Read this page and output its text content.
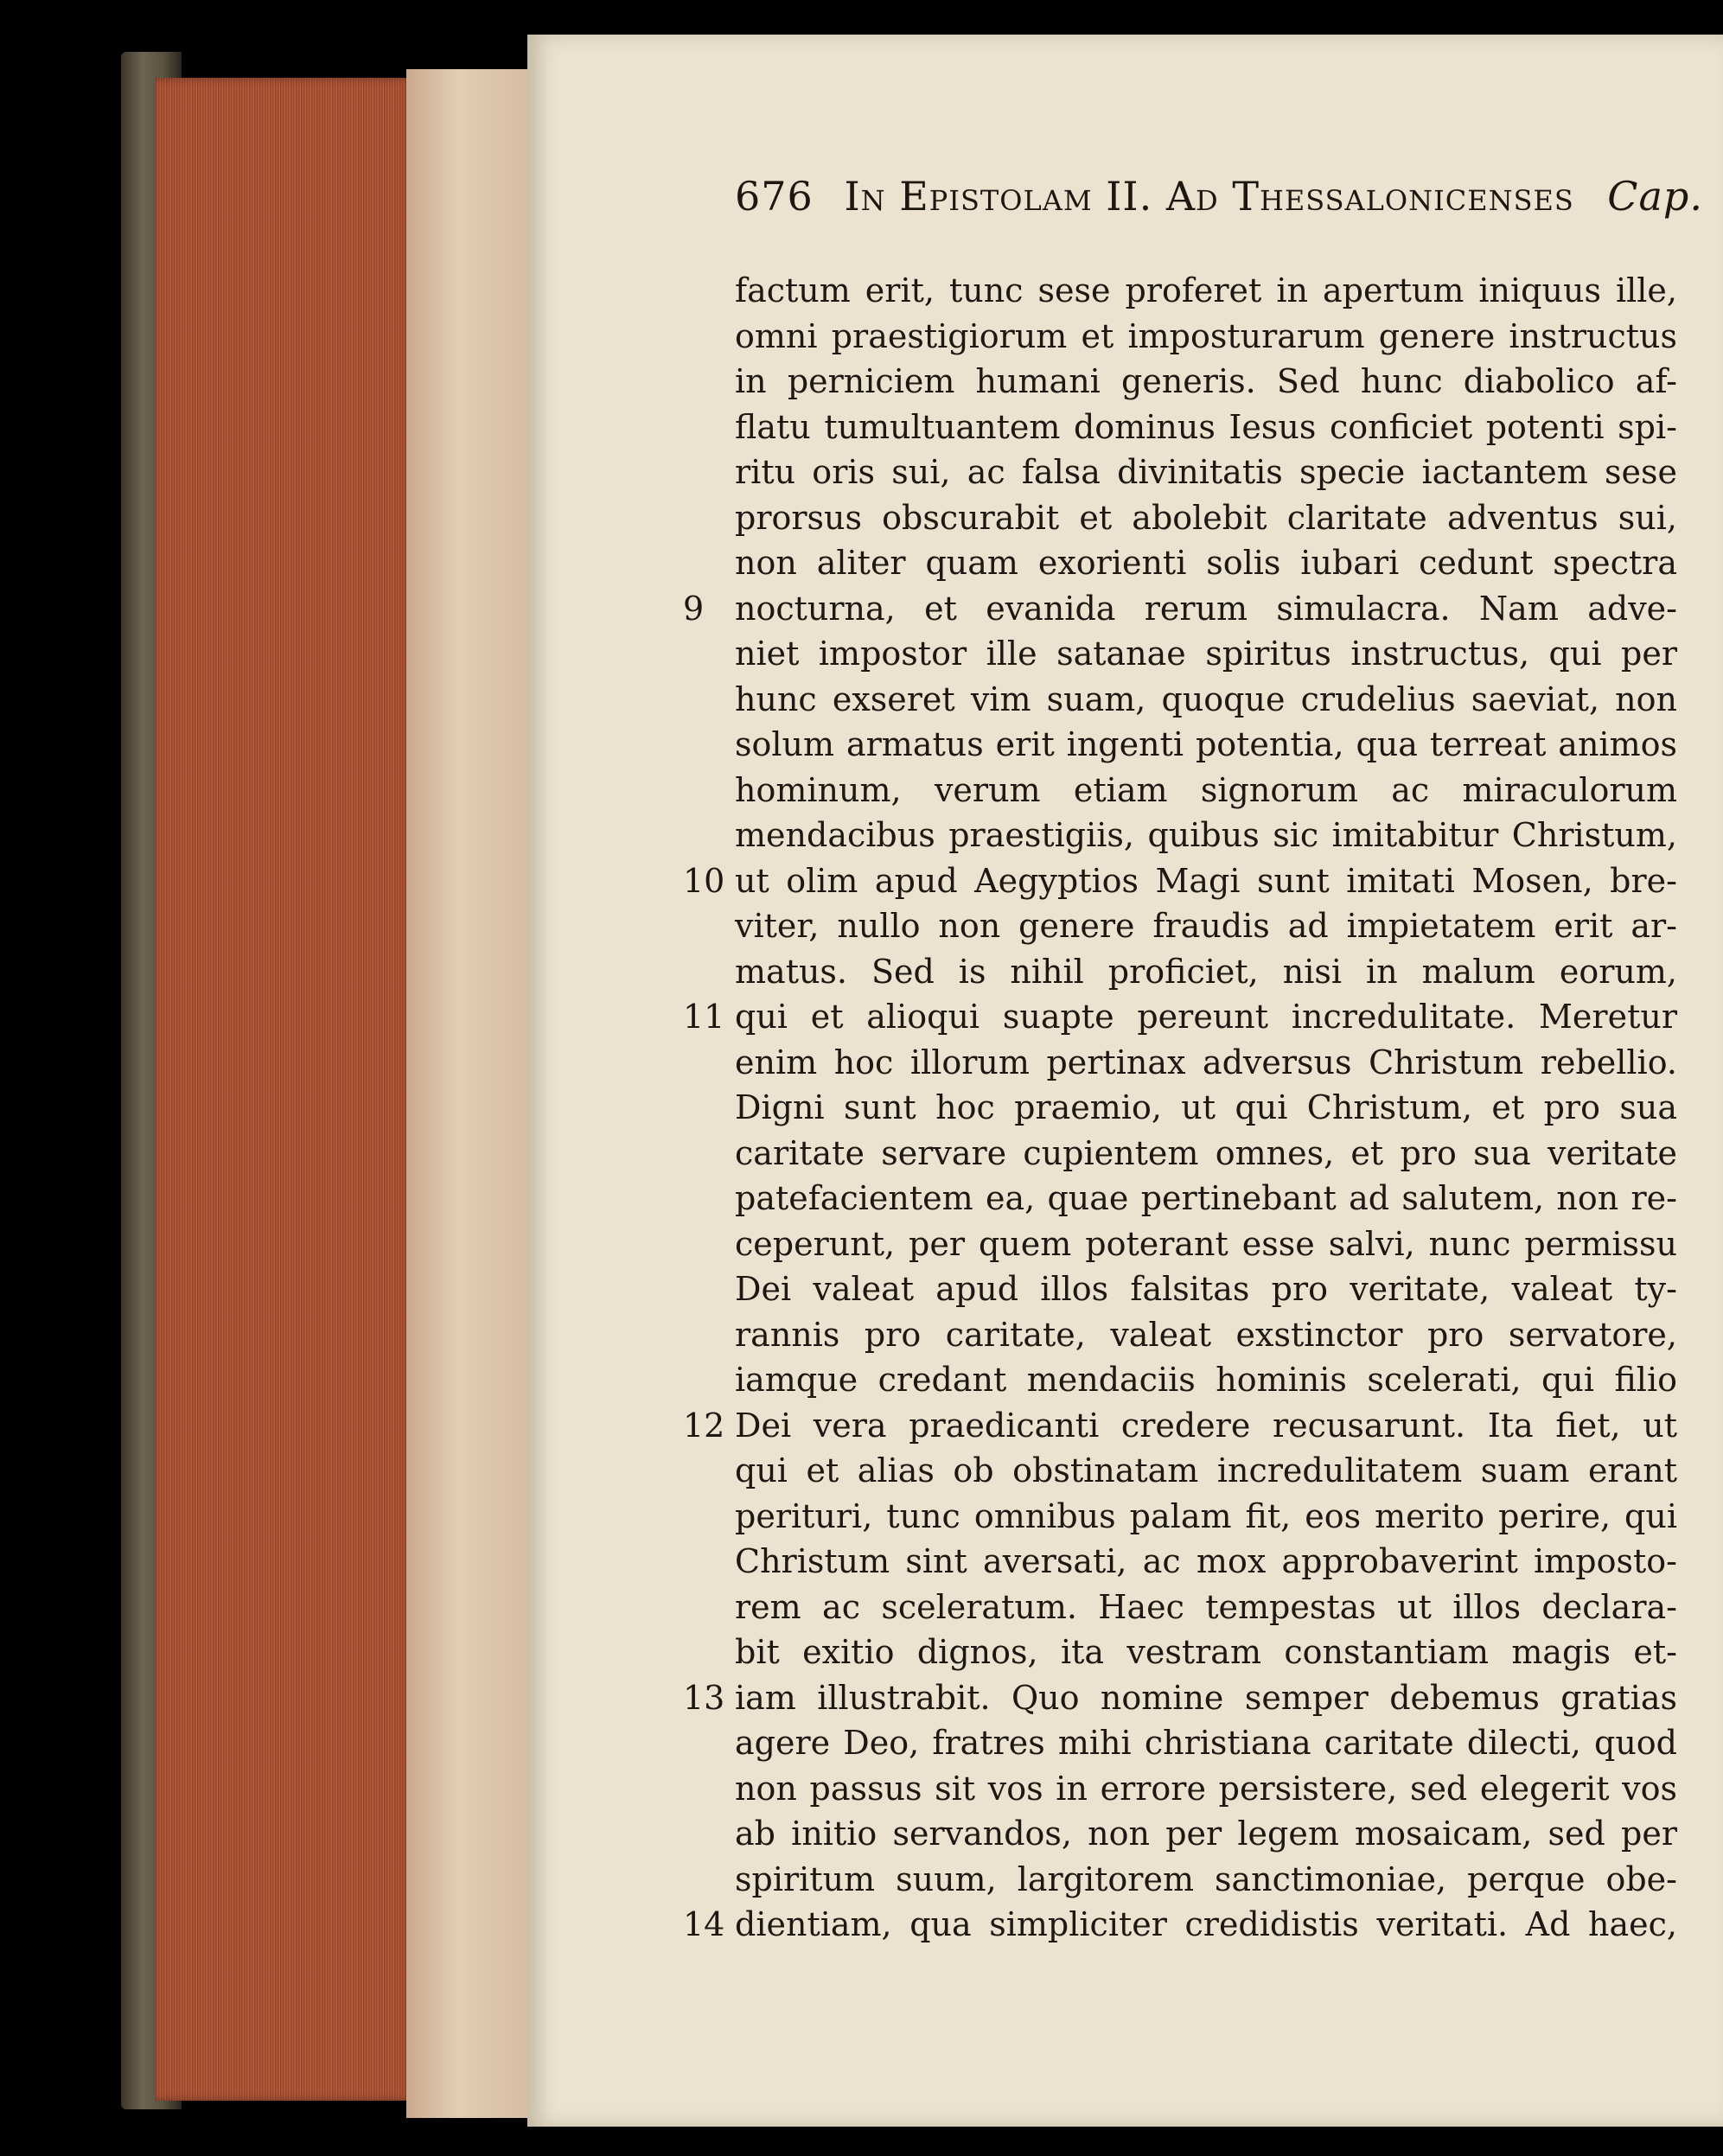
676 In Epistolam II. Ad Thessalonicenses Cap.
factum erit, tunc sese proferet in apertum iniquus ille,
omni praestigiorum et imposturarum genere instructus
in perniciem humani generis. Sed hunc diabolico af-
flatu tumultuantem dominus Iesus conficiet potenti spi-
ritu oris sui, ac falsa divinitatis specie iactantem sese
prorsus obscurabit et abolebit claritate adventus sui,
non aliter quam exorienti solis iubari cedunt spectra
9 nocturna, et evanida rerum simulacra. Nam adve-
niet impostor ille satanae spiritus instructus, qui per
hunc exseret vim suam, quoque crudelius saeviat, non
solum armatus erit ingenti potentia, qua terreat animos
hominum, verum etiam signorum ac miraculorum
mendacibus praestigiis, quibus sic imitabitur Christum,
10 ut olim apud Aegyptios Magi sunt imitati Mosen, bre-
viter, nullo non genere fraudis ad impietatem erit ar-
matus. Sed is nihil proficiet, nisi in malum eorum,
11 qui et alioqui suapte pereunt incredulitate. Meretur
enim hoc illorum pertinax adversus Christum rebellio.
Digni sunt hoc praemio, ut qui Christum, et pro sua
caritate servare cupientem omnes, et pro sua veritate
patefacientem ea, quae pertinebant ad salutem, non re-
ceperunt, per quem poterant esse salvi, nunc permissu
Dei valeat apud illos falsitas pro veritate, valeat ty-
rannis pro caritate, valeat exstinctor pro servatore,
iamque credant mendaciis hominis scelerati, qui filio
12 Dei vera praedicanti credere recusarunt. Ita fiet, ut
qui et alias ob obstinatam incredulitatem suam erant
perituri, tunc omnibus palam fit, eos merito perire, qui
Christum sint aversati, ac mox approbaverint imposto-
rem ac sceleratum. Haec tempestas ut illos declara-
bit exitio dignos, ita vestram constantiam magis et-
13 iam illustrabit. Quo nomine semper debemus gratias
agere Deo, fratres mihi christiana caritate dilecti, quod
non passus sit vos in errore persistere, sed elegerit vos
ab initio servandos, non per legem mosaicam, sed per
spiritum suum, largitorem sanctimoniae, perque obe-
14 dientiam, qua simpliciter credidistis veritati. Ad haec,
